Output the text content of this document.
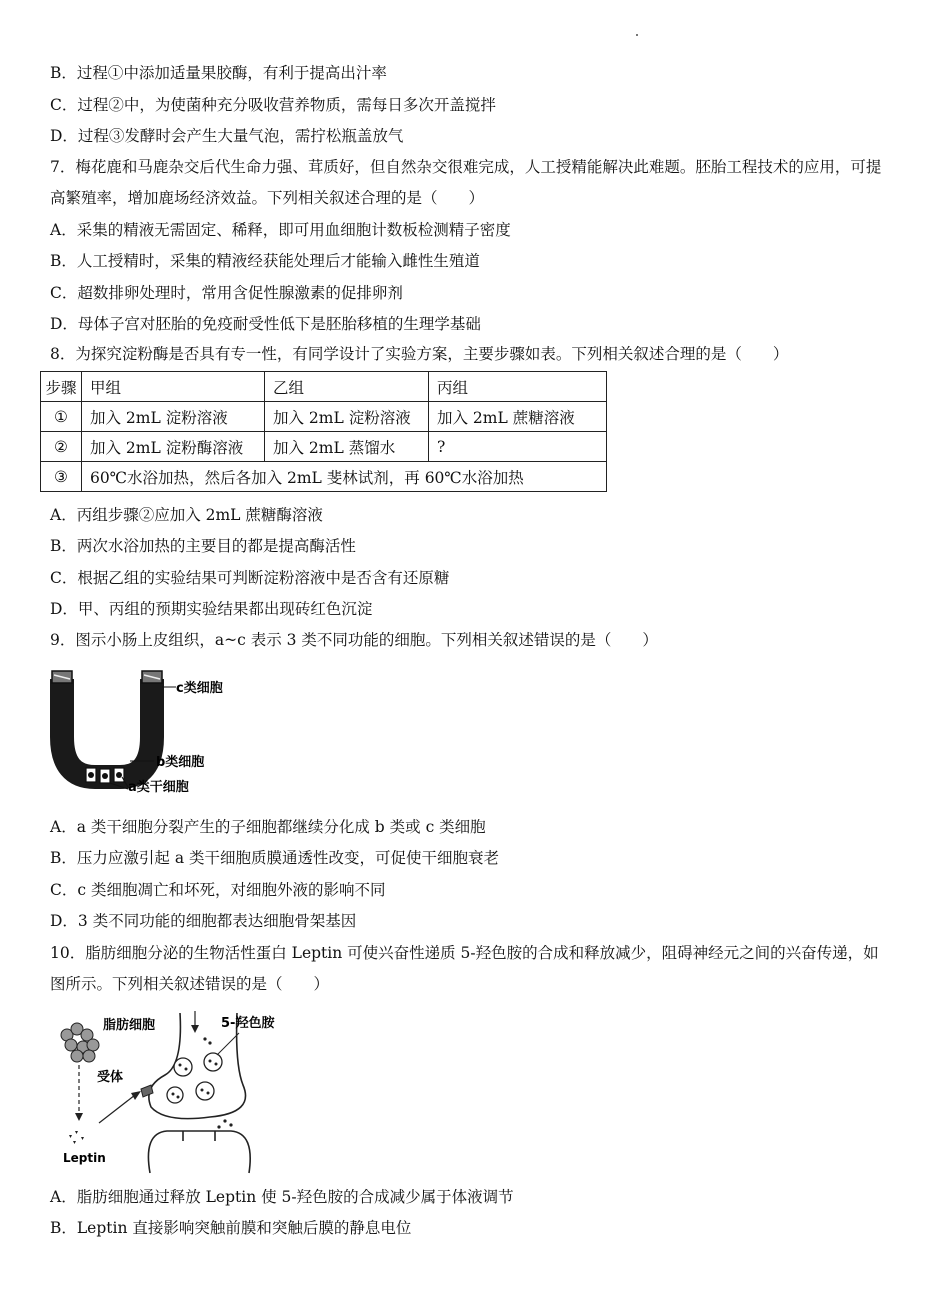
B．过程①中添加适量果胶酶，有利于提高出汁率
C．过程②中，为使菌种充分吸收营养物质，需每日多次开盖搅拌
D．过程③发酵时会产生大量气泡，需拧松瓶盖放气
7．梅花鹿和马鹿杂交后代生命力强、茸质好，但自然杂交很难完成，人工授精能解决此难题。胚胎工程技术的应用，可提高繁殖率，增加鹿场经济效益。下列相关叙述合理的是（　　）
A．采集的精液无需固定、稀释，即可用血细胞计数板检测精子密度
B．人工授精时，采集的精液经获能处理后才能输入雌性生殖道
C．超数排卵处理时，常用含促性腺激素的促排卵剂
D．母体子宫对胚胎的免疫耐受性低下是胚胎移植的生理学基础
8．为探究淀粉酶是否具有专一性，有同学设计了实验方案，主要步骤如表。下列相关叙述合理的是（　　）
步骤	甲组	乙组	丙组
①	加入 2mL 淀粉溶液	加入 2mL 淀粉溶液	加入 2mL 蔗糖溶液
②	加入 2mL 淀粉酶溶液	加入 2mL 蒸馏水	?
③	60℃水浴加热，然后各加入 2mL 斐林试剂，再 60℃水浴加热		
A．丙组步骤②应加入 2mL 蔗糖酶溶液
B．两次水浴加热的主要目的都是提高酶活性
C．根据乙组的实验结果可判断淀粉溶液中是否含有还原糖
D．甲、丙组的预期实验结果都出现砖红色沉淀
9．图示小肠上皮组织，a~c 表示 3 类不同功能的细胞。下列相关叙述错误的是（　　）
c类细胞
b类细胞
a类干细胞
A．a 类干细胞分裂产生的子细胞都继续分化成 b 类或 c 类细胞
B．压力应激引起 a 类干细胞质膜通透性改变，可促使干细胞衰老
C．c 类细胞凋亡和坏死，对细胞外液的影响不同
D．3 类不同功能的细胞都表达细胞骨架基因
10．脂肪细胞分泌的生物活性蛋白 Leptin 可使兴奋性递质 5-羟色胺的合成和释放减少，阻碍神经元之间的兴奋传递，如图所示。下列相关叙述错误的是（　　）
脂肪细胞
Leptin
受体
5-羟色胺
A．脂肪细胞通过释放 Leptin 使 5-羟色胺的合成减少属于体液调节
B．Leptin 直接影响突触前膜和突触后膜的静息电位
